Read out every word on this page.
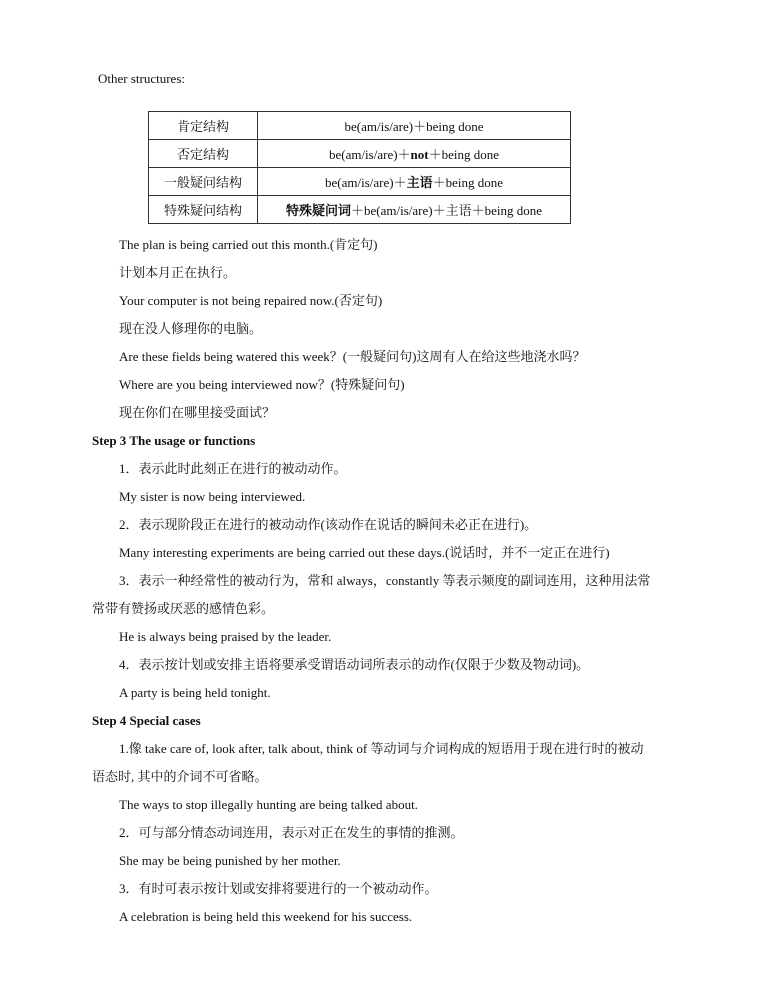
Other structures:
肯定结构	be(am/is/are)＋being done
否定结构	be(am/is/are)＋not＋being done
一般疑问结构	be(am/is/are)＋主语＋being done
特殊疑问结构	特殊疑问词＋be(am/is/are)＋主语＋being done
The plan is being carried out this month.(肯定句)
计划本月正在执行。
Your computer is not being repaired now.(否定句)
现在没人修理你的电脑。
Are these fields being watered this week？(一般疑问句)这周有人在给这些地浇水吗？
Where are you being interviewed now？(特殊疑问句)
现在你们在哪里接受面试？
Step 3 The usage or functions
1．表示此时此刻正在进行的被动动作。
My sister is now being interviewed.
2．表示现阶段正在进行的被动动作(该动作在说话的瞬间未必正在进行)。
Many interesting experiments are being carried out these days.(说话时，并不一定正在进行)
3．表示一种经常性的被动行为，常和 always，constantly 等表示频度的副词连用，这种用法常
常带有赞扬或厌恶的感情色彩。
He is always being praised by the leader.
4．表示按计划或安排主语将要承受谓语动词所表示的动作(仅限于少数及物动词)。
A party is being held tonight.
Step 4 Special cases
1.像 take care of, look after, talk about, think of 等动词与介词构成的短语用于现在进行时的被动
语态时, 其中的介词不可省略。
The ways to stop illegally hunting are being talked about.
2．可与部分情态动词连用，表示对正在发生的事情的推测。
She may be being punished by her mother.
3．有时可表示按计划或安排将要进行的一个被动动作。
A celebration is being held this weekend for his success.
